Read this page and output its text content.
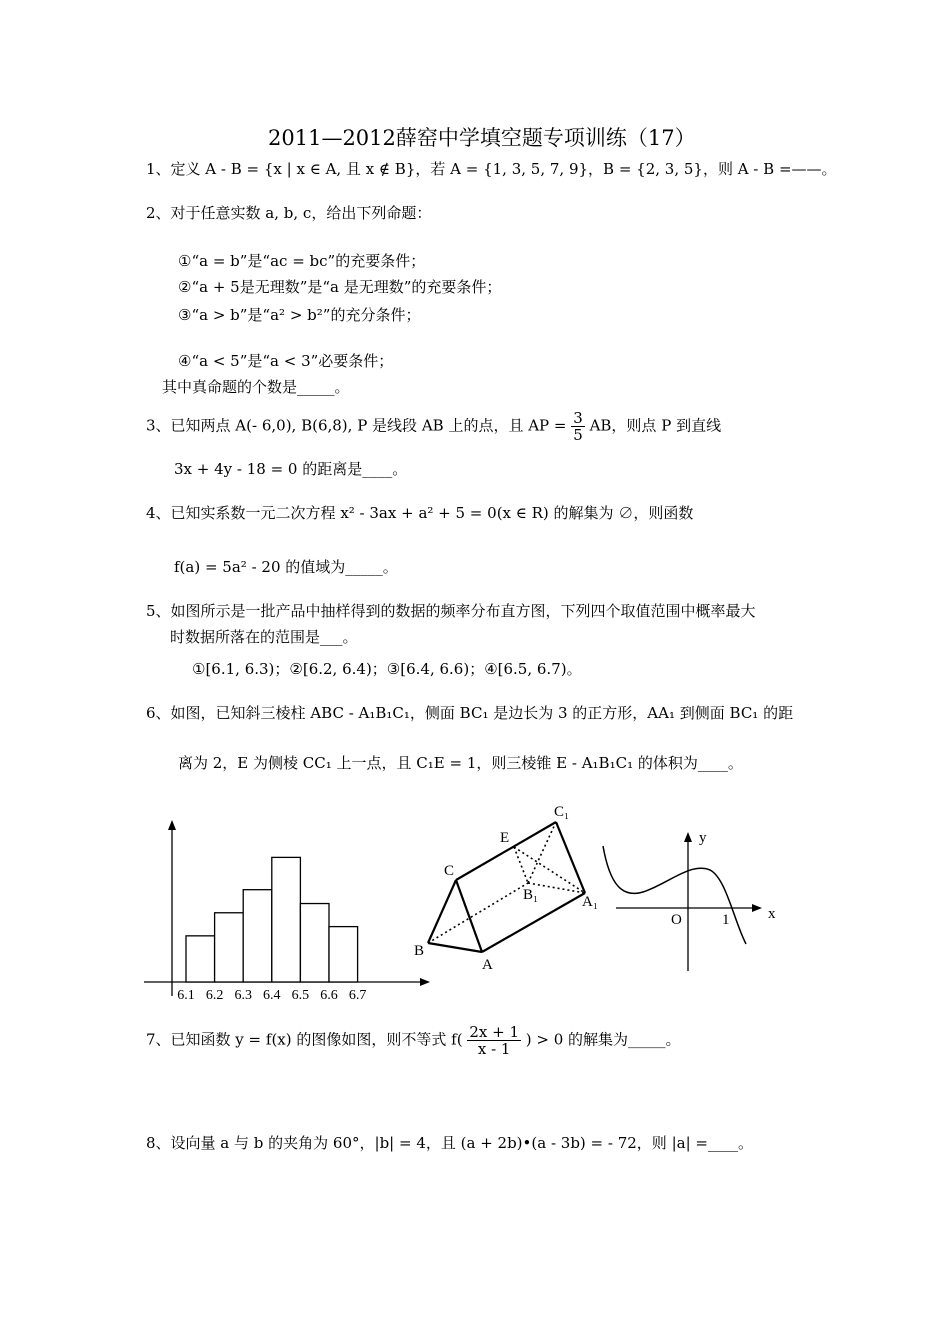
2011—2012薛窑中学填空题专项训练（17）
1、定义 A - B = {x | x ∈ A, 且 x ∉ B}，若 A = {1, 3, 5, 7, 9}，B = {2, 3, 5}，则 A - B =——。
2、对于任意实数 a, b, c，给出下列命题：
①“a = b”是“ac = bc”的充要条件；
②“a + 5是无理数”是“a 是无理数”的充要条件；
③“a > b”是“a² > b²”的充分条件；
④“a < 5”是“a < 3”必要条件；
其中真命题的个数是_____。
3、已知两点 A(- 6,0), B(6,8), P 是线段 AB 上的点，且 AP = $\frac{3}{5}$ AB，则点 P 到直线
3x + 4y - 18 = 0 的距离是____。
4、已知实系数一元二次方程 x² - 3ax + a² + 5 = 0(x ∈ R) 的解集为 ∅，则函数
f(a) = 5a² - 20 的值域为_____。
5、如图所示是一批产品中抽样得到的数据的频率分布直方图，下列四个取值范围中概率最大
时数据所落在的范围是___。
①[6.1, 6.3)；②[6.2, 6.4)；③[6.4, 6.6)；④[6.5, 6.7)。
6、如图，已知斜三棱柱 ABC - A₁B₁C₁，侧面 BC₁ 是边长为 3 的正方形，AA₁ 到侧面 BC₁ 的距
离为 2，E 为侧棱 CC₁ 上一点，且 C₁E = 1，则三棱锥 E - A₁B₁C₁ 的体积为____。
6.1 6.2 6.3 6.4 6.5 6.6 6.7
C₁
E
C
B₁	A₁
B
A
y
x
O	1
7、已知函数 y = f(x) 的图像如图，则不等式 $f( \frac{2x + 1}{x - 1}$ ) > 0 的解集为_____。
8、设向量 a 与 b 的夹角为 60°，|b| = 4，且 (a + 2b)•(a - 3b) = - 72，则 |a| =____。
